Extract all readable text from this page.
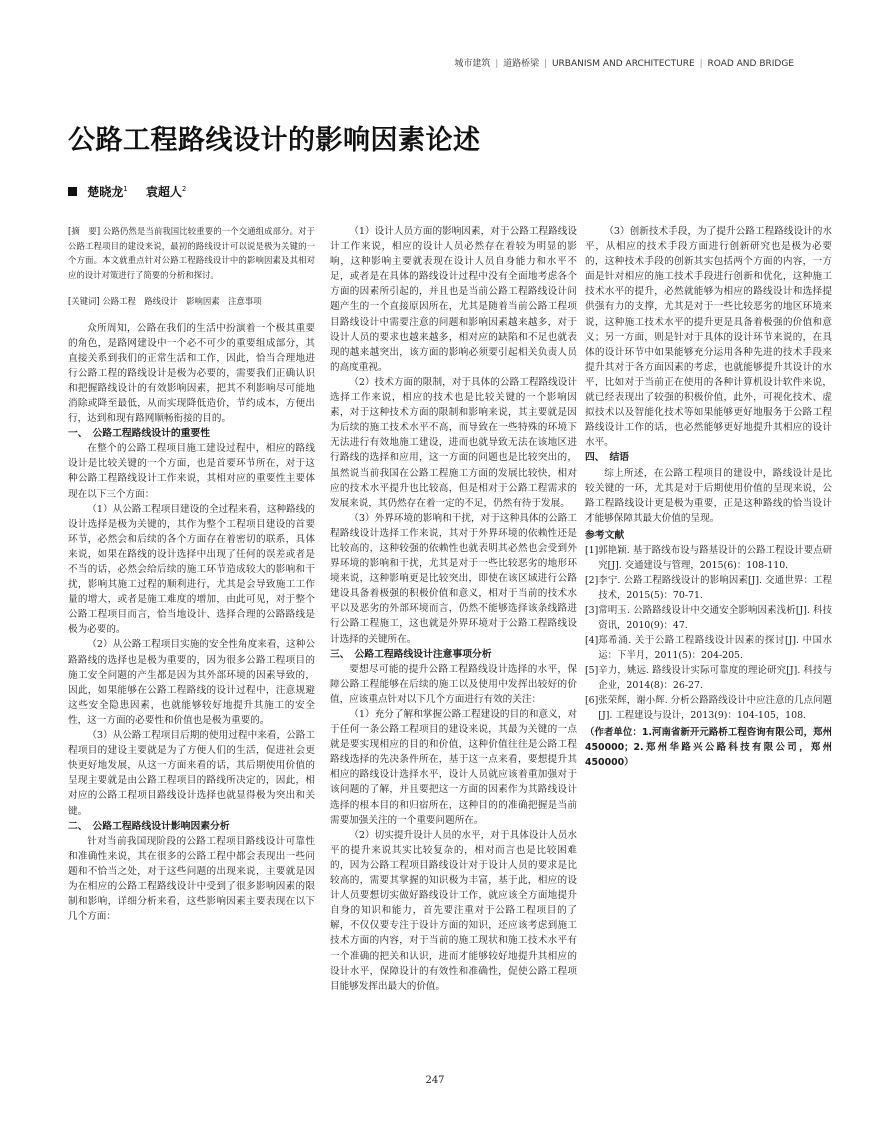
城市建筑 | 道路桥梁 | URBANISM AND ARCHITECTURE | ROAD AND BRIDGE
公路工程路线设计的影响因素论述
楚晓龙$^1$ 袁超人$^2$

[摘　要] 公路仍然是当前我国比较重要的一个交通组成部分。对于公路工程项目的建设来说，最初的路线设计可以说是极为关键的一个方面。本文就重点针对公路工程路线设计中的影响因素及其相对应的设计对策进行了简要的分析和探讨。

[关键词] 公路工程　路线设计　影响因素　注意事项

众所周知，公路在我们的生活中扮演着一个极其重要的角色，是路网建设中一个必不可少的重要组成部分，其直接关系到我们的正常生活和工作，因此，恰当合理地进行公路工程的路线设计是极为必要的，需要我们正确认识和把握路线设计的有效影响因素，把其不利影响尽可能地消除或降至最低，从而实现降低造价，节约成本，方便出行，达到和现有路网顺畅衔接的目的。

一、　公路工程路线设计的重要性

在整个的公路工程项目施工建设过程中，相应的路线设计是比较关键的一个方面，也是首要环节所在，对于这种公路工程路线设计工作来说，其相对应的重要性主要体现在以下三个方面：

（1）从公路工程项目建设的全过程来看，这种路线的设计选择是极为关键的，其作为整个工程项目建设的首要环节，必然会和后续的各个方面存在着密切的联系，具体来说，如果在路线的设计选择中出现了任何的误差或者是不当的话，必然会给后续的施工环节造成较大的影响和干扰，影响其施工过程的顺利进行，尤其是会导致施工工作量的增大，或者是施工难度的增加，由此可见，对于整个公路工程项目而言，恰当地设计、选择合理的公路路线是极为必要的。

（2）从公路工程项目实施的安全性角度来看，这种公路路线的选择也是极为重要的，因为很多公路工程项目的施工安全问题的产生都是因为其外部环境的因素导致的，因此，如果能够在公路工程路线的设计过程中，注意规避这些安全隐患因素，也就能够较好地提升其施工的安全性，这一方面的必要性和价值也是极为重要的。

（3）从公路工程项目后期的使用过程中来看，公路工程项目的建设主要就是为了方便人们的生活，促进社会更快更好地发展，从这一方面来看的话，其后期使用价值的呈现主要就是由公路工程项目的路线所决定的，因此，相对应的公路工程项目路线设计选择也就显得极为突出和关键。

二、　公路工程路线设计影响因素分析

针对当前我国现阶段的公路工程项目路线设计可靠性和准确性来说，其在很多的公路工程中都会表现出一些问题和不恰当之处，对于这些问题的出现来说，主要就是因为在相应的公路工程路线设计中受到了很多影响因素的限制和影响，详细分析来看，这些影响因素主要表现在以下几个方面：

（1）设计人员方面的影响因素，对于公路工程路线设计工作来说，相应的设计人员必然存在着较为明显的影响，这种影响主要就表现在设计人员自身能力和水平不足，或者是在具体的路线设计过程中没有全面地考虑各个方面的因素所引起的，并且也是当前公路工程路线设计问题产生的一个直接原因所在，尤其是随着当前公路工程项目路线设计中需要注意的问题和影响因素越来越多，对于设计人员的要求也越来越多，相对应的缺陷和不足也就表现的越来越突出，该方面的影响必须要引起相关负责人员的高度重视。

（2）技术方面的限制，对于具体的公路工程路线设计选择工作来说，相应的技术也是比较关键的一个影响因素，对于这种技术方面的限制和影响来说，其主要就是因为后续的施工技术水平不高，而导致在一些特殊的环境下无法进行有效地施工建设，进而也就导致无法在该地区进行路线的选择和应用，这一方面的问题也是比较突出的，虽然说当前我国在公路工程施工方面的发展比较快，相对应的技术水平提升也比较高，但是相对于公路工程需求的发展来说，其仍然存在着一定的不足，仍然有待于发展。

（3）外界环境的影响和干扰，对于这种具体的公路工程路线设计选择工作来说，其对于外界环境的依赖性还是比较高的，这种较强的依赖性也就表明其必然也会受到外界环境的影响和干扰，尤其是对于一些比较恶劣的地形环境来说，这种影响更是比较突出，即使在该区域进行公路建设具备着极强的积极价值和意义，相对于当前的技术水平以及恶劣的外部环境而言，仍然不能够选择该条线路进行公路工程施工，这也就是外界环境对于公路工程路线设计选择的关键所在。

三、　公路工程路线设计注意事项分析

要想尽可能的提升公路工程路线设计选择的水平，保障公路工程能够在后续的施工以及使用中发挥出较好的价值，应该重点针对以下几个方面进行有效的关注：

（1）充分了解和掌握公路工程建设的目的和意义，对于任何一条公路工程项目的建设来说，其最为关键的一点就是要实现相应的目的和价值，这种价值往往是公路工程路线选择的先决条件所在，基于这一点来看，要想提升其相应的路线设计选择水平，设计人员就应该着重加强对于该问题的了解，并且要把这一方面的因素作为其路线设计选择的根本目的和归宿所在，这种目的的准确把握是当前需要加强关注的一个重要问题所在。

（2）切实提升设计人员的水平，对于具体设计人员水平的提升来说其实比较复杂的，相对而言也是比较困难的，因为公路工程项目路线设计对于设计人员的要求是比较高的，需要其掌握的知识极为丰富，基于此，相应的设计人员要想切实做好路线设计工作，就应该全方面地提升自身的知识和能力，首先要注重对于公路工程项目的了解，不仅仅要专注于设计方面的知识，还应该考虑到施工技术方面的内容，对于当前的施工现状和施工技术水平有一个准确的把关和认识，进而才能够较好地提升其相应的设计水平，保障设计的有效性和准确性，促使公路工程项目能够发挥出最大的价值。

（3）创新技术手段，为了提升公路工程路线设计的水平，从相应的技术手段方面进行创新研究也是极为必要的，这种技术手段的创新其实包括两个方面的内容，一方面是针对相应的施工技术手段进行创新和优化，这种施工技术水平的提升，必然就能够为相应的路线设计和选择提供强有力的支撑，尤其是对于一些比较恶劣的地区环境来说，这种施工技术水平的提升更是具备着极强的价值和意义；另一方面，则是针对于具体的设计环节来说的，在具体的设计环节中如果能够充分运用各种先进的技术手段来提升其对于各方面因素的考虑，也就能够提升其设计的水平，比如对于当前正在使用的各种计算机设计软件来说，就已经表现出了较强的积极价值，此外，可视化技术、虚拟技术以及智能化技术等如果能够更好地服务于公路工程路线设计工作的话，也必然能够更好地提升其相应的设计水平。

四、　结语

综上所述，在公路工程项目的建设中，路线设计是比较关键的一环，尤其是对于后期使用价值的呈现来说，公路工程路线设计更是极为重要，正是这种路线的恰当设计才能够保障其最大价值的呈现。

参考文献
[1] 郭艳颖. 基于路线布设与路基设计的公路工程设计要点研究[J]. 交通建设与管理，2015(6)：108-110.
[2] 李宁. 公路工程路线设计的影响因素[J]. 交通世界：工程技术，2015(5)：70-71.
[3] 常明玉. 公路路线设计中交通安全影响因素浅析[J]. 科技资讯，2010(9)：47.
[4] 郑希涌. 关于公路工程路线设计因素的探讨[J]. 中国水运：下半月，2011(5)：204-205.
[5] 辛力，姚远. 路线设计实际可靠度的理论研究[J]. 科技与企业，2014(8)：26-27.
[6] 张荣辉，谢小辉. 分析公路路线设计中应注意的几点问题[J]. 工程建设与设计，2013(9)：104-105，108.
（作者单位：1.河南省新开元路桥工程咨询有限公司，郑州　450000；2.郑州华路兴公路科技有限公司，郑州　450000）
247
